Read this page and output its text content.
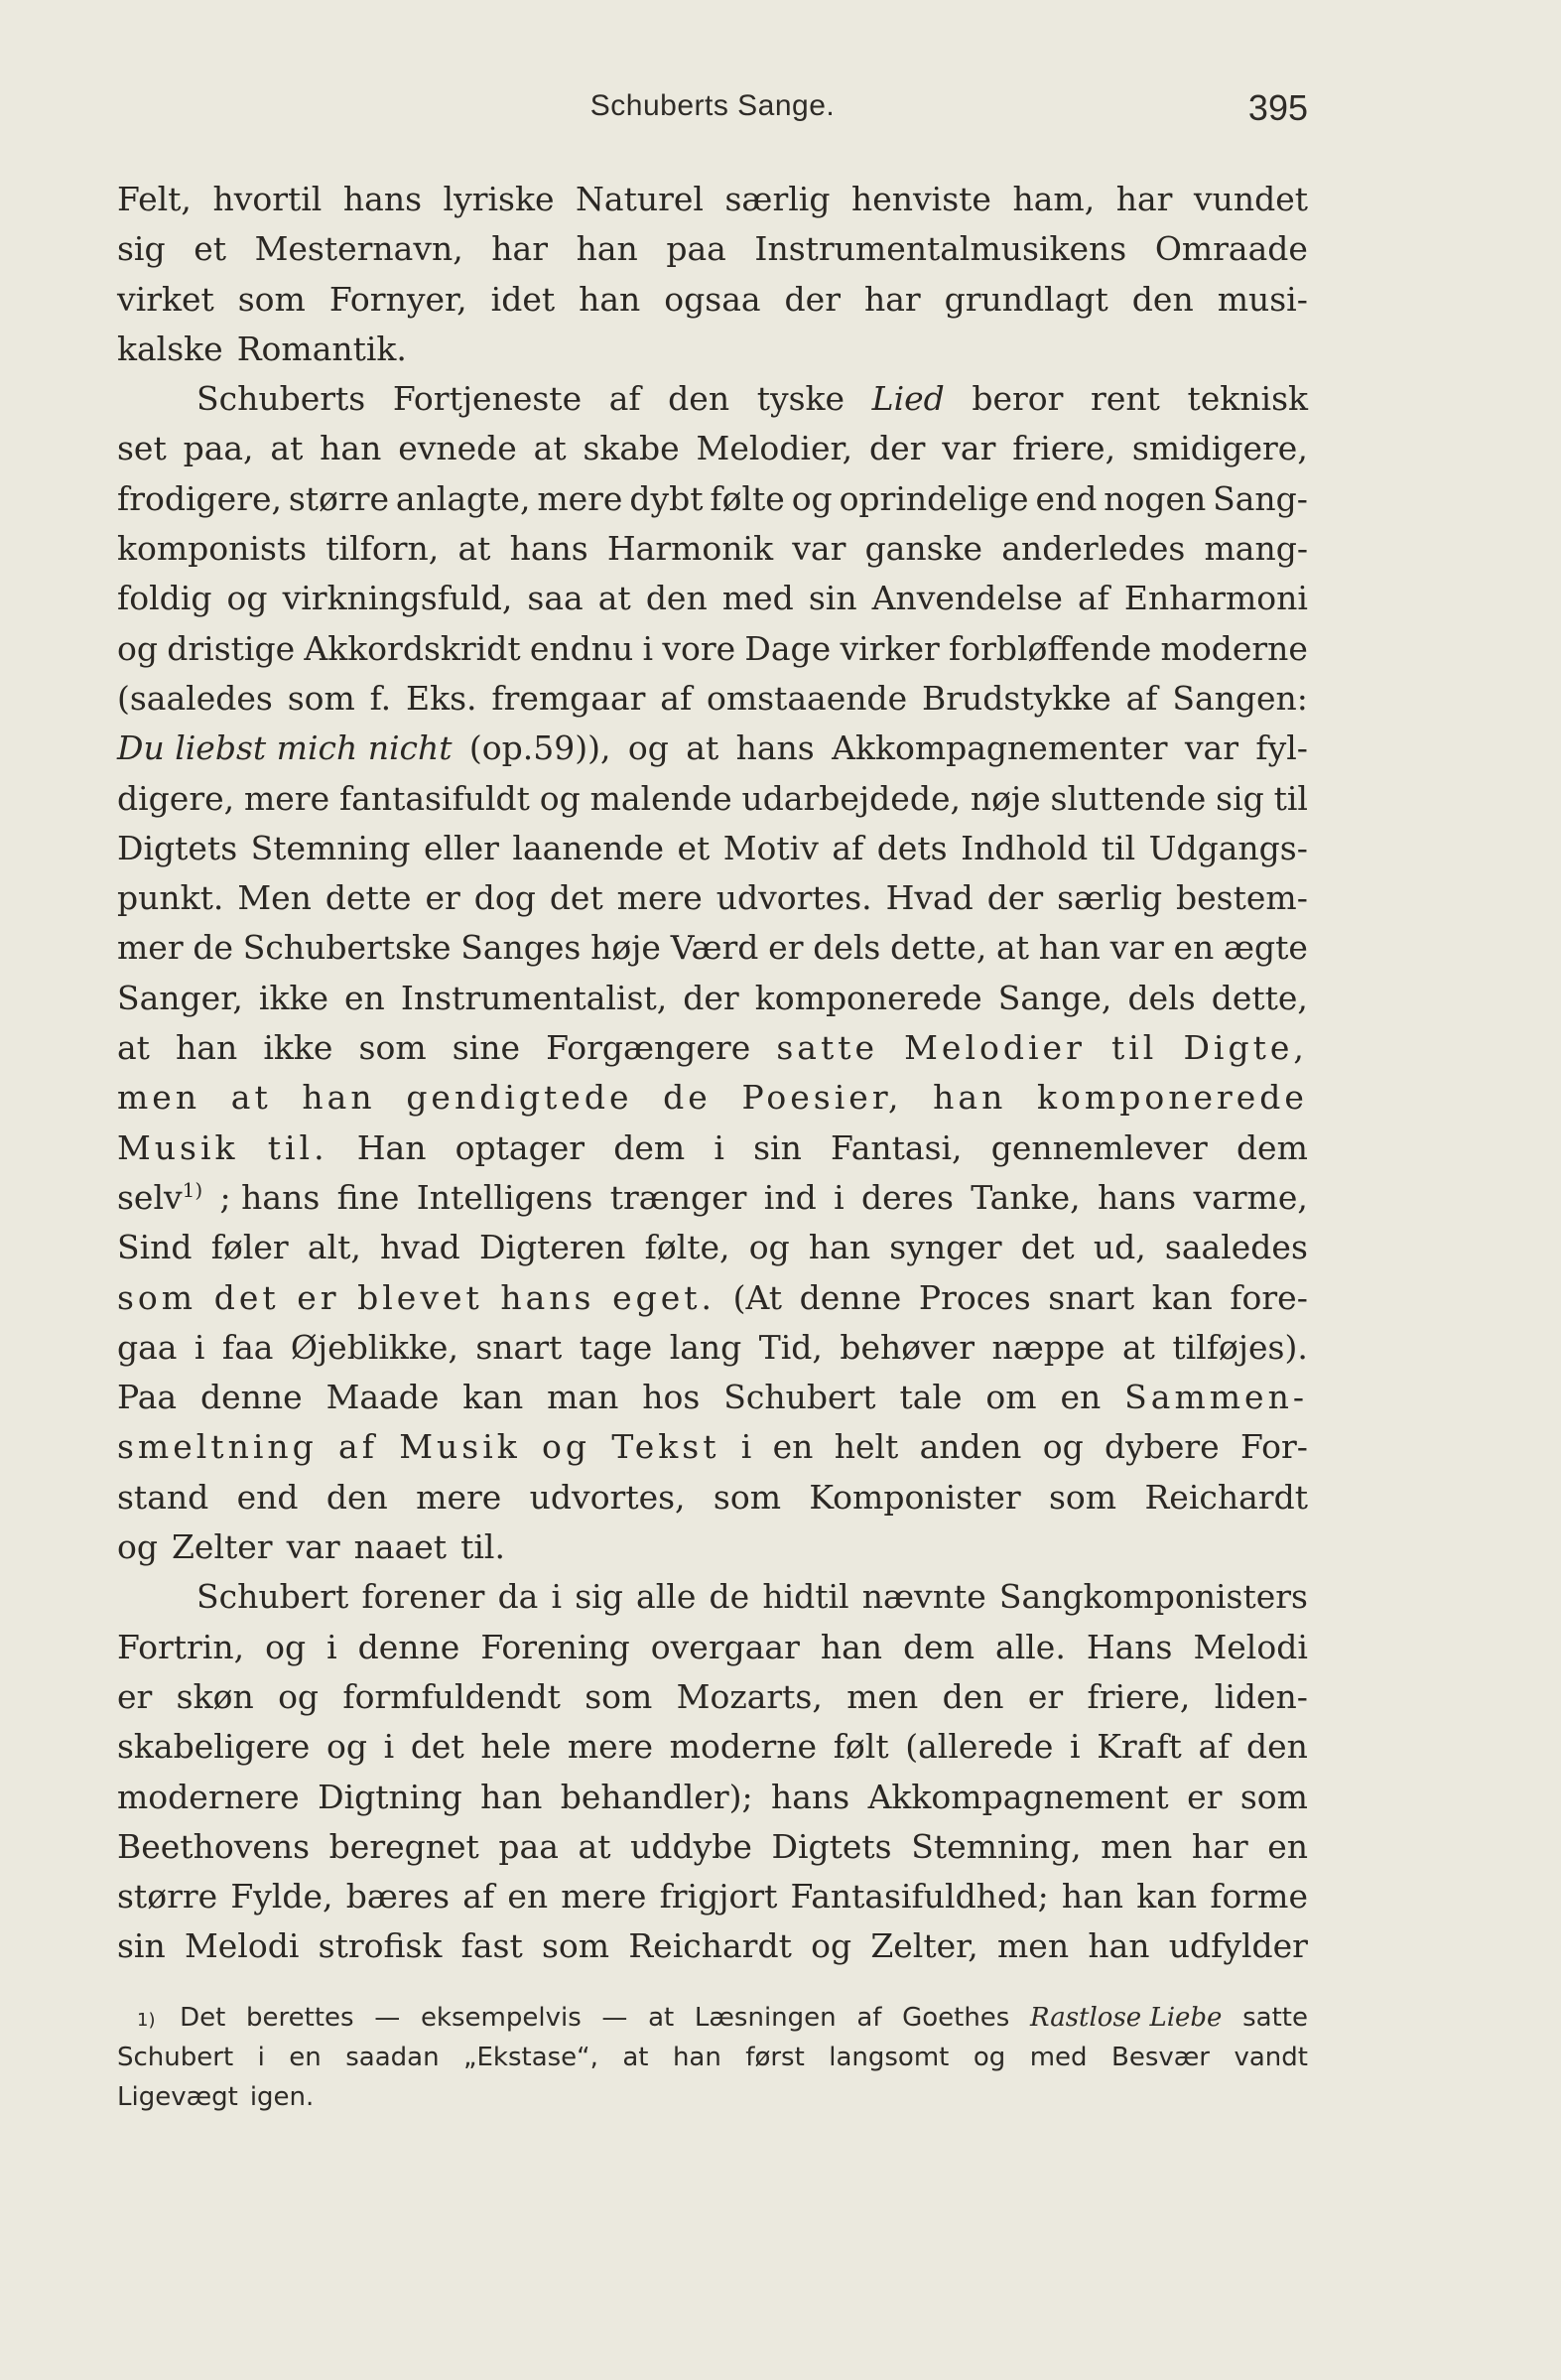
Schuberts Sange.	395
Felt, hvortil hans lyriske Naturel særlig henviste ham, har vundet
sig et Mesternavn, har han paa Instrumentalmusikens Omraade
virket som Fornyer, idet han ogsaa der har grundlagt den musi-
kalske Romantik.
Schuberts Fortjeneste af den tyske Lied beror rent teknisk
set paa, at han evnede at skabe Melodier, der var friere, smidigere,
frodigere, større anlagte, mere dybt følte og oprindelige end nogen Sang-
komponists tilforn, at hans Harmonik var ganske anderledes mang-
foldig og virkningsfuld, saa at den med sin Anvendelse af Enharmoni
og dristige Akkordskridt endnu i vore Dage virker forbløffende moderne
(saaledes som f. Eks. fremgaar af omstaaende Brudstykke af Sangen:
Du liebst mich nicht (op.59)), og at hans Akkompagnementer var fyl-
digere, mere fantasifuldt og malende udarbejdede, nøje sluttende sig til
Digtets Stemning eller laanende et Motiv af dets Indhold til Udgangs-
punkt. Men dette er dog det mere udvortes. Hvad der særlig bestem-
mer de Schubertske Sanges høje Værd er dels dette, at han var en ægte
Sanger, ikke en Instrumentalist, der komponerede Sange, dels dette,
at han ikke som sine Forgængere satte Melodier til Digte,
men at han gendigtede de Poesier, han komponerede
Musik til. Han optager dem i sin Fantasi, gennemlever dem
selv$^{1)}$ ; hans fine Intelligens trænger ind i deres Tanke, hans varme,
Sind føler alt, hvad Digteren følte, og han synger det ud, saaledes
som det er blevet hans eget. (At denne Proces snart kan fore-
gaa i faa Øjeblikke, snart tage lang Tid, behøver næppe at tilføjes).
Paa denne Maade kan man hos Schubert tale om en Sammen-
smeltning af Musik og Tekst i en helt anden og dybere For-
stand end den mere udvortes, som Komponister som Reichardt
og Zelter var naaet til.
Schubert forener da i sig alle de hidtil nævnte Sangkomponisters
Fortrin, og i denne Forening overgaar han dem alle. Hans Melodi
er skøn og formfuldendt som Mozarts, men den er friere, liden-
skabeligere og i det hele mere moderne følt (allerede i Kraft af den
modernere Digtning han behandler); hans Akkompagnement er som
Beethovens beregnet paa at uddybe Digtets Stemning, men har en
større Fylde, bæres af en mere frigjort Fantasifuldhed; han kan forme
sin Melodi strofisk fast som Reichardt og Zelter, men han udfylder
1) Det berettes — eksempelvis — at Læsningen af Goethes Rastlose Liebe satte
Schubert i en saadan „Ekstase“, at han først langsomt og med Besvær vandt
Ligevægt igen.
